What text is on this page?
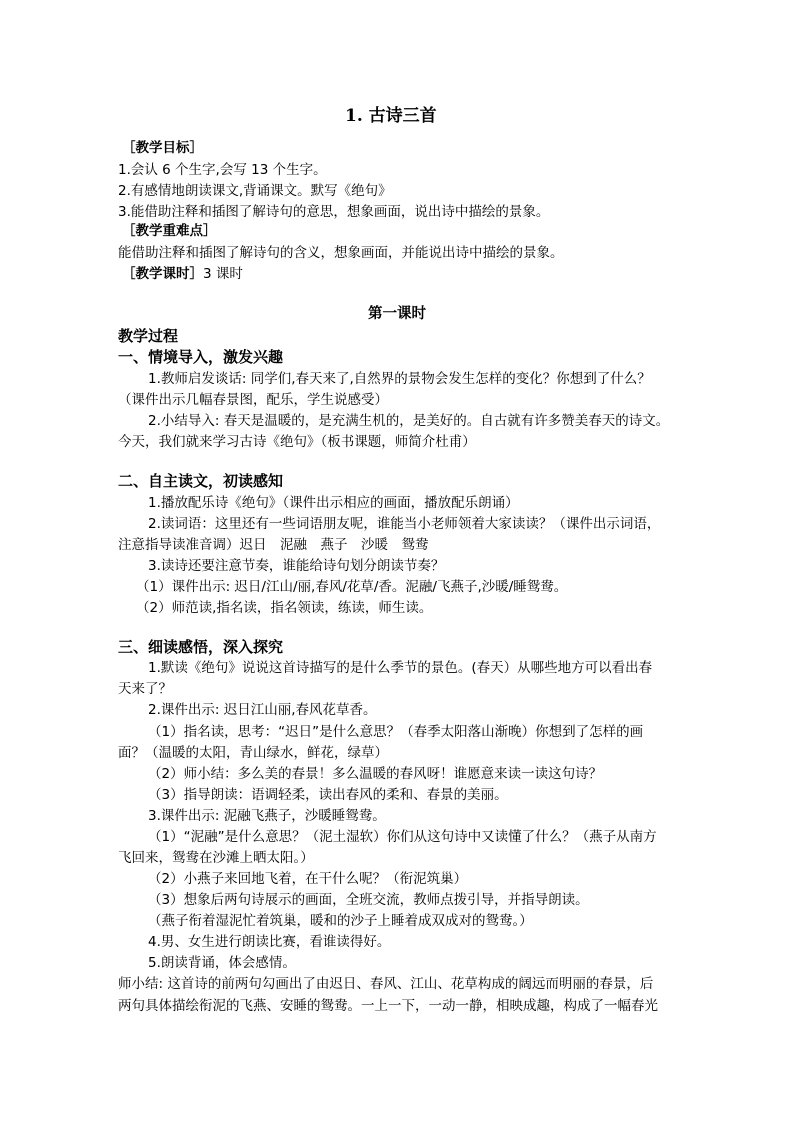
1. 古诗三首
［教学目标］
1.会认 6 个生字,会写 13 个生字。
2.有感情地朗读课文,背诵课文。默写《绝句》
3.能借助注释和插图了解诗句的意思，想象画面，说出诗中描绘的景象。
［教学重难点］
能借助注释和插图了解诗句的含义，想象画面，并能说出诗中描绘的景象。
［教学课时］3 课时
第一课时
教学过程
一、情境导入，激发兴趣
1.教师启发谈话: 同学们,春天来了,自然界的景物会发生怎样的变化？你想到了什么？
（课件出示几幅春景图，配乐，学生说感受）
2.小结导入: 春天是温暖的，是充满生机的，是美好的。自古就有许多赞美春天的诗文。
今天，我们就来学习古诗《绝句》（板书课题，师简介杜甫）
二、自主读文，初读感知
1.播放配乐诗《绝句》（课件出示相应的画面，播放配乐朗诵）
2.读词语：这里还有一些词语朋友呢，谁能当小老师领着大家读读？（课件出示词语，
注意指导读准音调）迟日　泥融　燕子　沙暖　鸳鸯
3.读诗还要注意节奏，谁能给诗句划分朗读节奏？
（1）课件出示: 迟日/江山/丽,春风/花草/香。泥融/飞燕子,沙暖/睡鸳鸯。
（2）师范读,指名读，指名领读，练读，师生读。
三、细读感悟，深入探究
1.默读《绝句》说说这首诗描写的是什么季节的景色。(春天）从哪些地方可以看出春
天来了？
2.课件出示: 迟日江山丽,春风花草香。
（1）指名读，思考：“迟日”是什么意思？（春季太阳落山渐晚）你想到了怎样的画
面？（温暖的太阳，青山绿水，鲜花，绿草）
（2）师小结：多么美的春景！多么温暖的春风呀！谁愿意来读一读这句诗？
（3）指导朗读：语调轻柔，读出春风的柔和、春景的美丽。
3.课件出示: 泥融飞燕子，沙暖睡鸳鸯。
（1）“泥融”是什么意思？（泥土湿软）你们从这句诗中又读懂了什么？（燕子从南方
飞回来，鸳鸯在沙滩上晒太阳。）
（2）小燕子来回地飞着，在干什么呢？（衔泥筑巢）
（3）想象后两句诗展示的画面，全班交流，教师点拨引导，并指导朗读。
（燕子衔着湿泥忙着筑巢，暖和的沙子上睡着成双成对的鸳鸯。）
4.男、女生进行朗读比赛，看谁读得好。
5.朗读背诵，体会感情。
师小结: 这首诗的前两句勾画出了由迟日、春风、江山、花草构成的阔远而明丽的春景，后
两句具体描绘衔泥的飞燕、安睡的鸳鸯。一上一下，一动一静，相映成趣，构成了一幅春光
